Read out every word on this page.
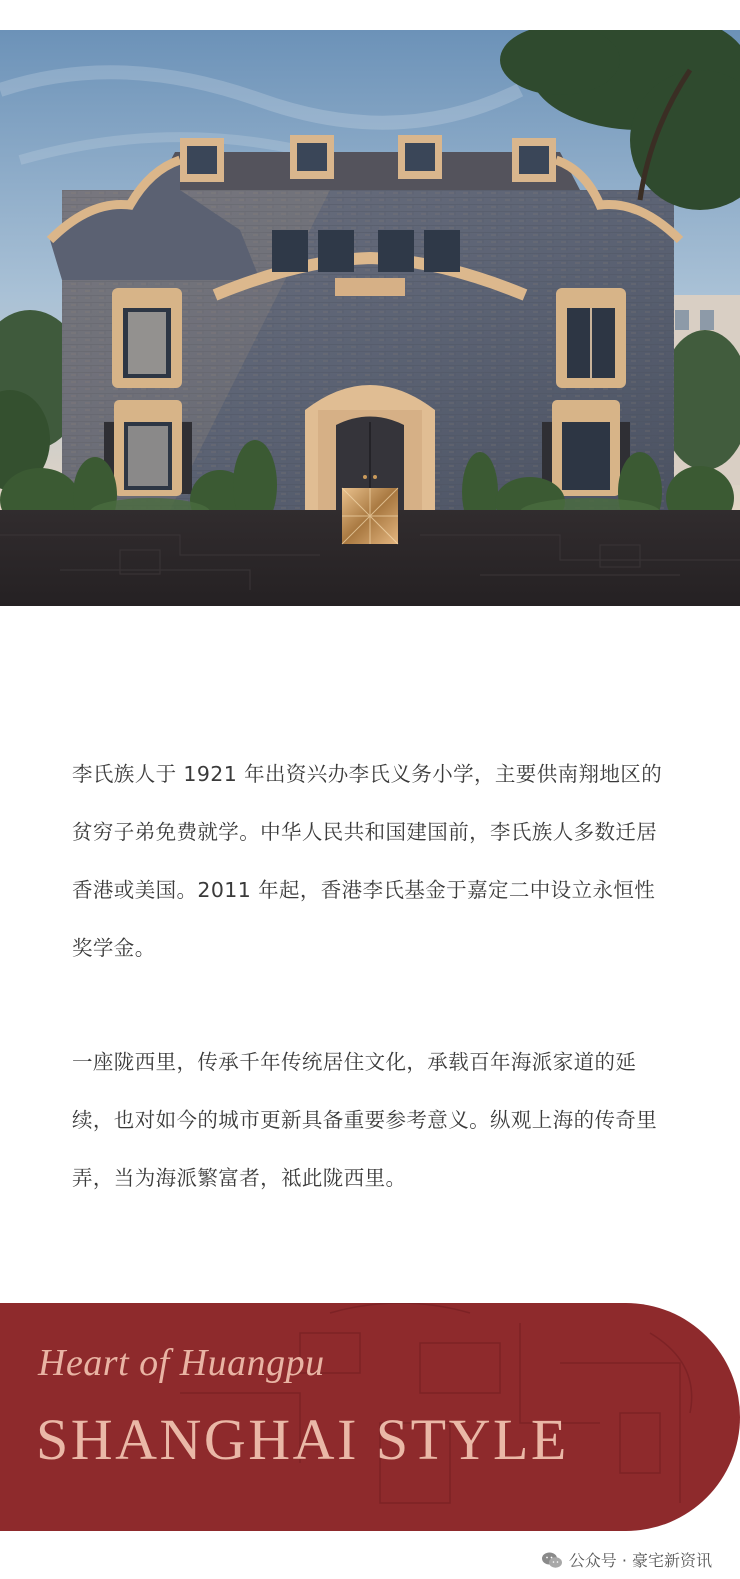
李氏族人于 1921 年出资兴办李氏义务小学，主要供南翔地区的贫穷子弟免费就学。中华人民共和国建国前，李氏族人多数迁居香港或美国。2011 年起，香港李氏基金于嘉定二中设立永恒性奖学金。

一座陇西里，传承千年传统居住文化，承载百年海派家道的延续，也对如今的城市更新具备重要参考意义。纵观上海的传奇里弄，当为海派繁富者，祗此陇西里。

Heart of Huangpu
SHANGHAI STYLE
公众号 · 豪宅新资讯
